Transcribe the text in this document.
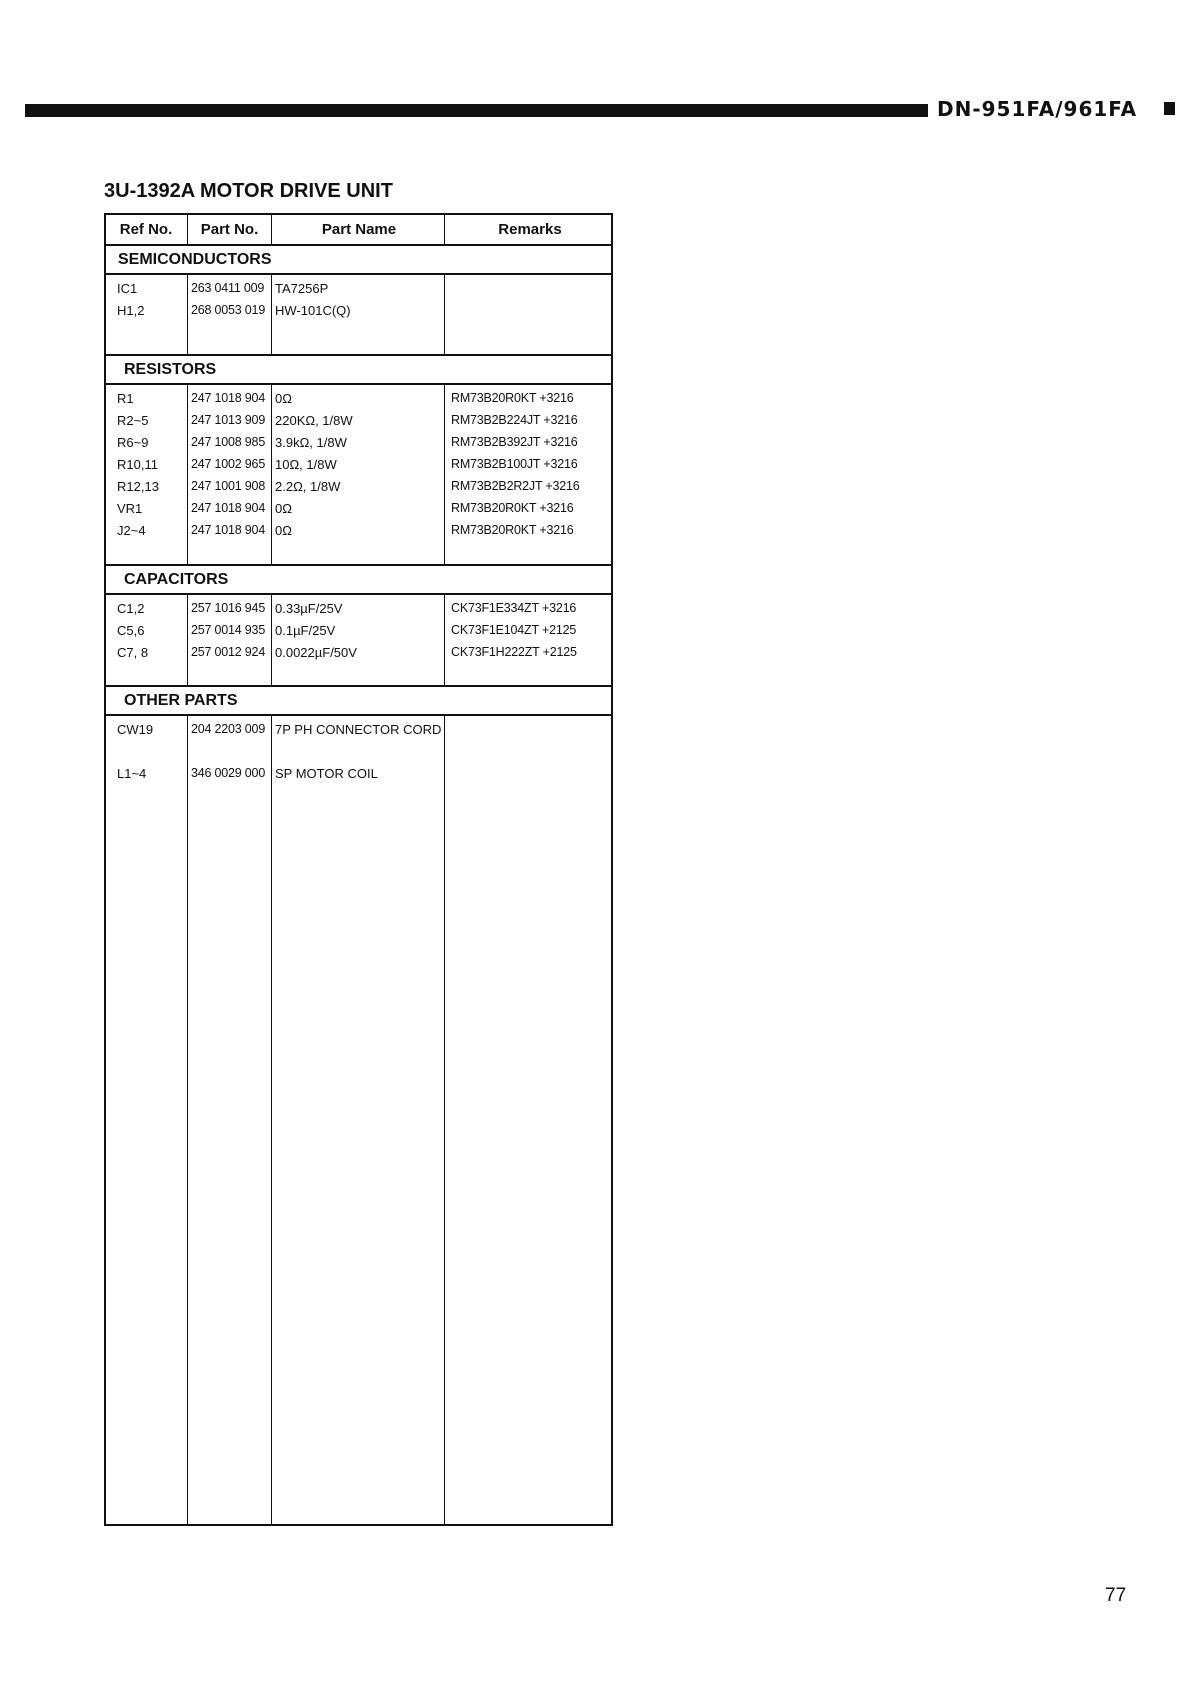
DN-951FA/961FA
3U-1392A MOTOR DRIVE UNIT
Ref No.	Part No.	Part Name	Remarks
SEMICONDUCTORS
IC1	263 0411 009 TA7256P
H1,2	268 0053 019 HW-101C(Q)
RESISTORS
R1	247 1018 904 0Ω	RM73B20R0KT +3216
R2~5	247 1013 909 220KΩ, 1/8W	RM73B2B224JT +3216
R6~9	247 1008 985 3.9kΩ, 1/8W	RM73B2B392JT +3216
R10,11	247 1002 965 10Ω, 1/8W	RM73B2B100JT +3216
R12,13	247 1001 908 2.2Ω, 1/8W	RM73B2B2R2JT +3216
VR1	247 1018 904 0Ω	RM73B20R0KT +3216
J2~4	247 1018 904 0Ω	RM73B20R0KT +3216
CAPACITORS
C1,2	257 1016 945 0.33µF/25V	CK73F1E334ZT +3216
C5,6	257 0014 935 0.1µF/25V	CK73F1E104ZT +2125
C7, 8	257 0012 924 0.0022µF/50V	CK73F1H222ZT +2125
OTHER PARTS
CW19	204 2203 009 7P PH CONNECTOR CORD
L1~4	346 0029 000 SP MOTOR COIL
77
